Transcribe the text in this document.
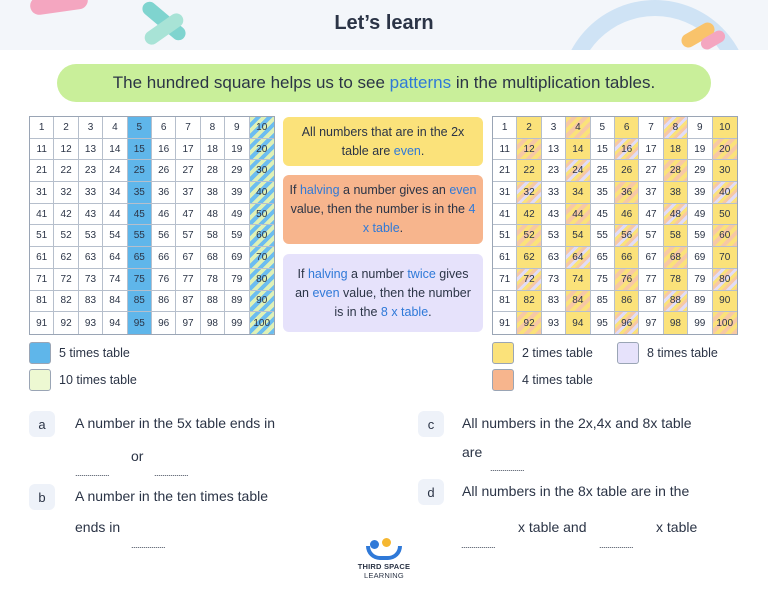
Let’s learn
The hundred square helps us to see patterns in the multiplication tables.
1	2	3	4	5	6	7	8	9	10
11	12	13	14	15	16	17	18	19	20
21	22	23	24	25	26	27	28	29	30
31	32	33	34	35	36	37	38	39	40
41	42	43	44	45	46	47	48	49	50
51	52	53	54	55	56	57	58	59	60
61	62	63	64	65	66	67	68	69	70
71	72	73	74	75	76	77	78	79	80
81	82	83	84	85	86	87	88	89	90
91	92	93	94	95	96	97	98	99	100
1	2	3	4	5	6	7	8	9	10
11	12	13	14	15	16	17	18	19	20
21	22	23	24	25	26	27	28	29	30
31	32	33	34	35	36	37	38	39	40
41	42	43	44	45	46	47	48	49	50
51	52	53	54	55	56	57	58	59	60
61	62	63	64	65	66	67	68	69	70
71	72	73	74	75	76	77	78	79	80
81	82	83	84	85	86	87	88	89	90
91	92	93	94	95	96	97	98	99	100
All numbers that are in the 2x table are even.
If halving a number gives an even value, then the number is in the 4 x table.
If halving a number twice gives an even value, then the number is in the 8 x table.
5 times table
10 times table
2 times table	8 times table
4 times table
a	A number in the 5x table ends in
.................
or
.................
b	A number in the ten times table
ends in
.................
c	All numbers in the 2x,4x and 8x table
are
.................
d	All numbers in the 8x table are in the
.................
x table and
.................
x table
THIRD SPACE
LEARNING
